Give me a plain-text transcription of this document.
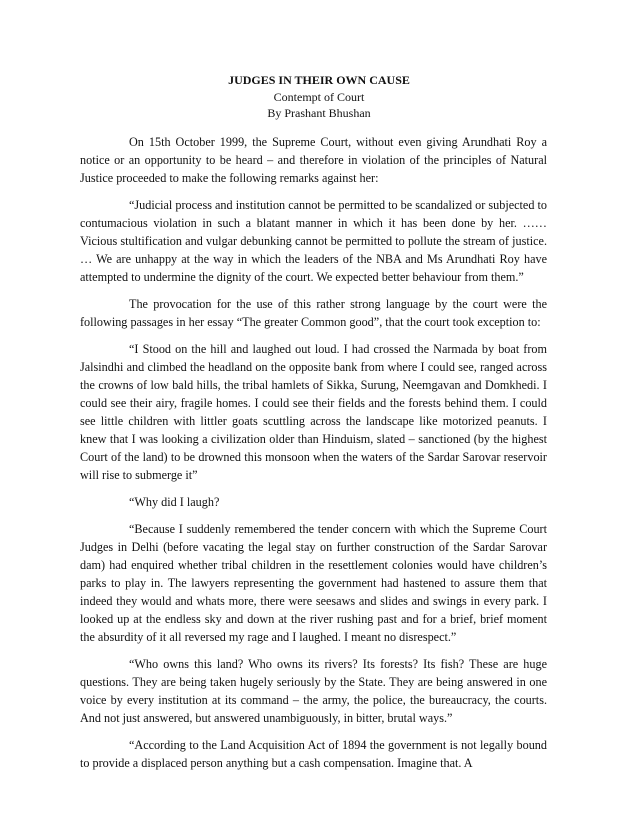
JUDGES IN THEIR OWN CAUSE
Contempt of Court
By Prashant Bhushan

On 15th October 1999, the Supreme Court, without even giving Arundhati Roy a notice or an opportunity to be heard – and therefore in violation of the principles of Natural Justice proceeded to make the following remarks against her:

“Judicial process and institution cannot be permitted to be scandalized or subjected to contumacious violation in such a blatant manner in which it has been done by her. …… Vicious stultification and vulgar debunking cannot be permitted to pollute the stream of justice. … We are unhappy at the way in which the leaders of the NBA and Ms Arundhati Roy have attempted to undermine the dignity of the court. We expected better behaviour from them.”

The provocation for the use of this rather strong language by the court were the following passages in her essay “The greater Common good”, that the court took exception to:

“I Stood on the hill and laughed out loud. I had crossed the Narmada by boat from Jalsindhi and climbed the headland on the opposite bank from where I could see, ranged across the crowns of low bald hills, the tribal hamlets of Sikka, Surung, Neemgavan and Domkhedi. I could see their airy, fragile homes. I could see their fields and the forests behind them. I could see little children with littler goats scuttling across the landscape like motorized peanuts. I knew that I was looking a civilization older than Hinduism, slated – sanctioned (by the highest Court of the land) to be drowned this monsoon when the waters of the Sardar Sarovar reservoir will rise to submerge it”

“Why did I laugh?

“Because I suddenly remembered the tender concern with which the Supreme Court Judges in Delhi (before vacating the legal stay on further construction of the Sardar Sarovar dam) had enquired whether tribal children in the resettlement colonies would have children’s parks to play in. The lawyers representing the government had hastened to assure them that indeed they would and whats more, there were seesaws and slides and swings in every park. I looked up at the endless sky and down at the river rushing past and for a brief, brief moment the absurdity of it all reversed my rage and I laughed. I meant no disrespect.”

“Who owns this land? Who owns its rivers? Its forests? Its fish? These are huge questions. They are being taken hugely seriously by the State. They are being answered in one voice by every institution at its command – the army, the police, the bureaucracy, the courts. And not just answered, but answered unambiguously, in bitter, brutal ways.”

“According to the Land Acquisition Act of 1894 the government is not legally bound to provide a displaced person anything but a cash compensation. Imagine that. A
